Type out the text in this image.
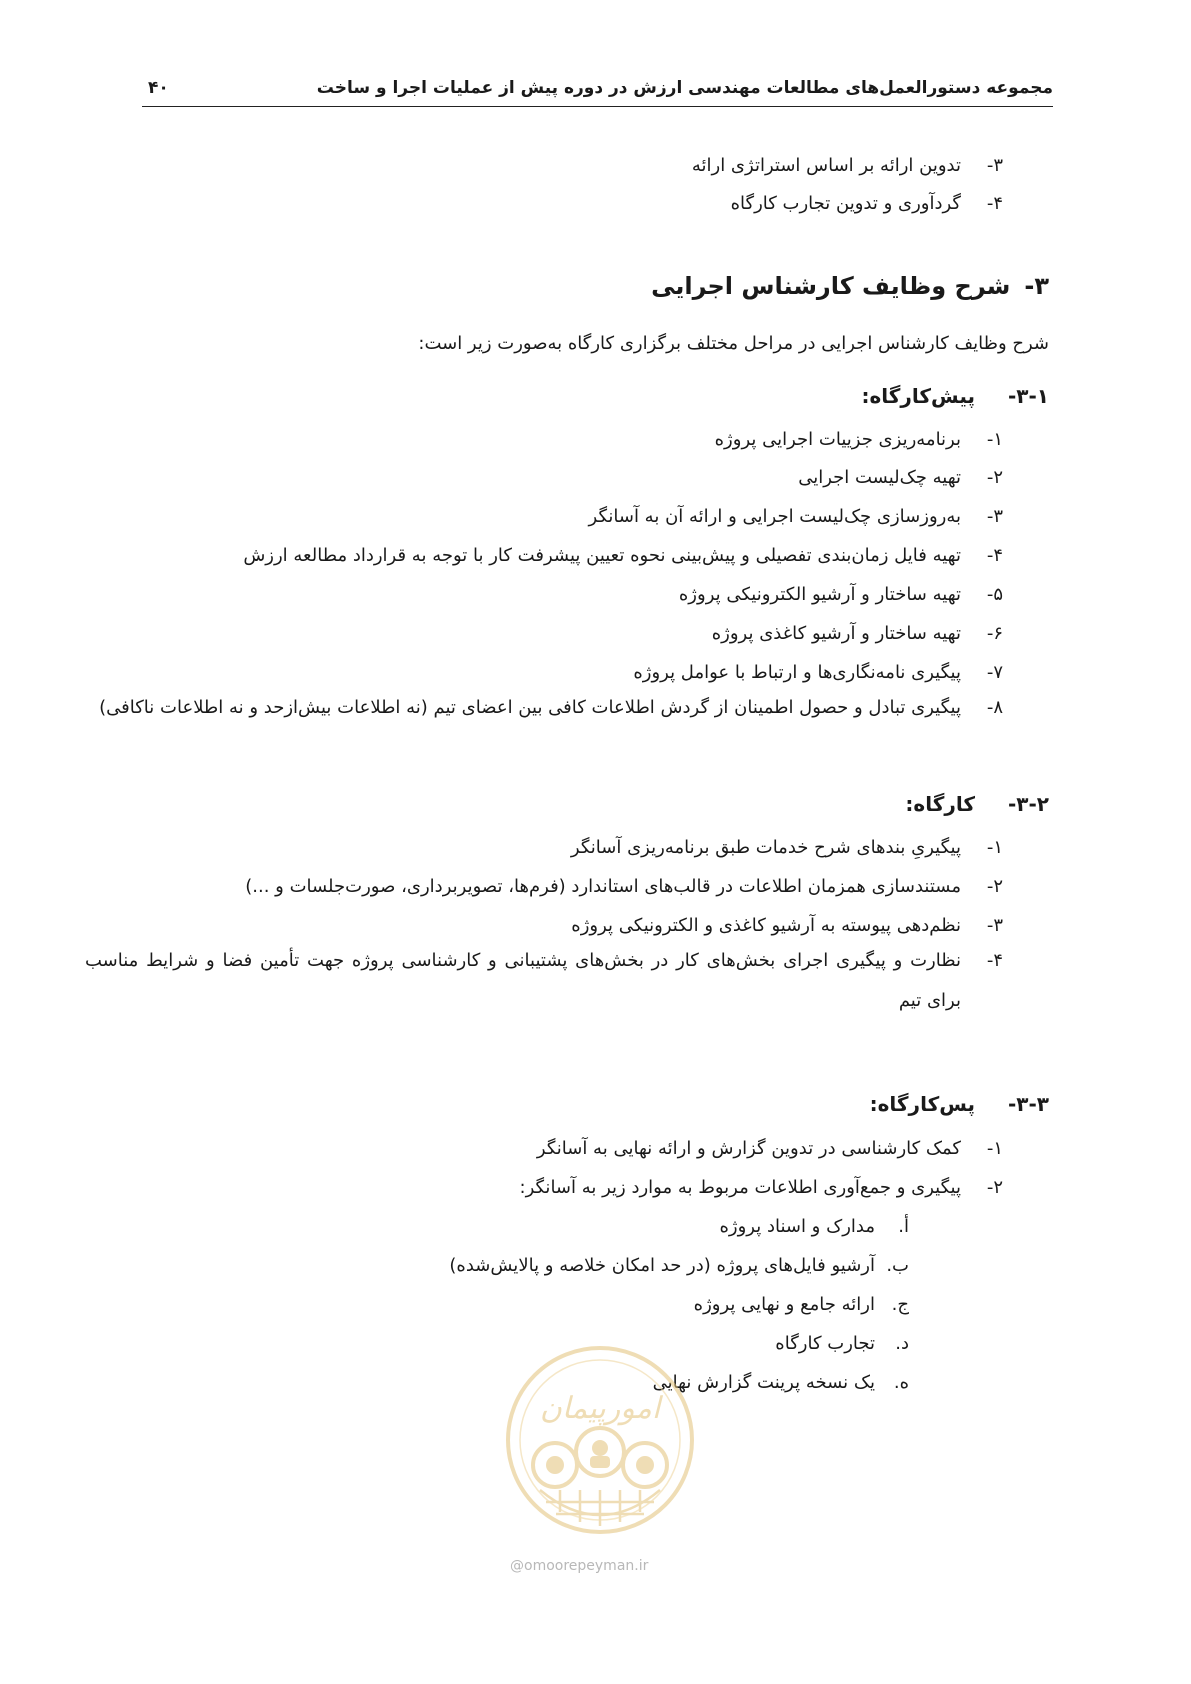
مجموعه دستورالعمل‌های مطالعات مهندسی ارزش در دوره پیش از عملیات اجرا و ساخت
۴۰
۳-
تدوین ارائه بر اساس استراتژی ارائه
۴-
گردآوری و تدوین تجارب کارگاه
۳-شرح وظایف کارشناس اجرایی
شرح وظایف کارشناس اجرایی در مراحل مختلف برگزاری کارگاه به‌صورت زیر است:
۳-۱-پیش‌کارگاه:
۱-
برنامه‌ریزی جزییات اجرایی پروژه
۲-
تهیه چک‌لیست اجرایی
۳-
به‌روزسازی چک‌لیست اجرایی و ارائه آن به آسانگر
۴-
تهیه فایل زمان‌بندی تفصیلی و پیش‌بینی نحوه تعیین پیشرفت کار با توجه به قرارداد مطالعه ارزش
۵-
تهیه ساختار و آرشیو الکترونیکی پروژه
۶-
تهیه ساختار و آرشیو کاغذی پروژه
۷-
پیگیری نامه‌نگاری‌ها و ارتباط با عوامل پروژه
۸-
پیگیری تبادل و حصول اطمینان از گردش اطلاعات کافی بین اعضای تیم (نه اطلاعات بیش‌ازحد و نه اطلاعات ناکافی)
۳-۲-کارگاه:
۱-
پیگیریِ بندهای شرح خدمات طبق برنامه‌ریزی آسانگر
۲-
مستندسازی همزمان اطلاعات در قالب‌های استاندارد (فرم‌ها، تصویربرداری، صورت‌جلسات و ...)
۳-
نظم‌دهی پیوسته به آرشیو کاغذی و الکترونیکی پروژه
۴-
نظارت و پیگیری اجرای بخش‌های کار در بخش‌های پشتیبانی و کارشناسی پروژه جهت تأمین فضا و شرایط مناسب برای تیم
۳-۳-پس‌کارگاه:
۱-
کمک کارشناسی در تدوین گزارش و ارائه نهایی به آسانگر
۲-
پیگیری و جمع‌آوری اطلاعات مربوط به موارد زیر به آسانگر:
أ.
مدارک و اسناد پروژه
ب.
آرشیو فایل‌های پروژه (در حد امکان خلاصه و پالایش‌شده)
ج.
ارائه جامع و نهایی پروژه
د.
تجارب کارگاه
ه.
یک نسخه پرینت گزارش نهایی
امورپیمان
@omoorepeyman.ir
